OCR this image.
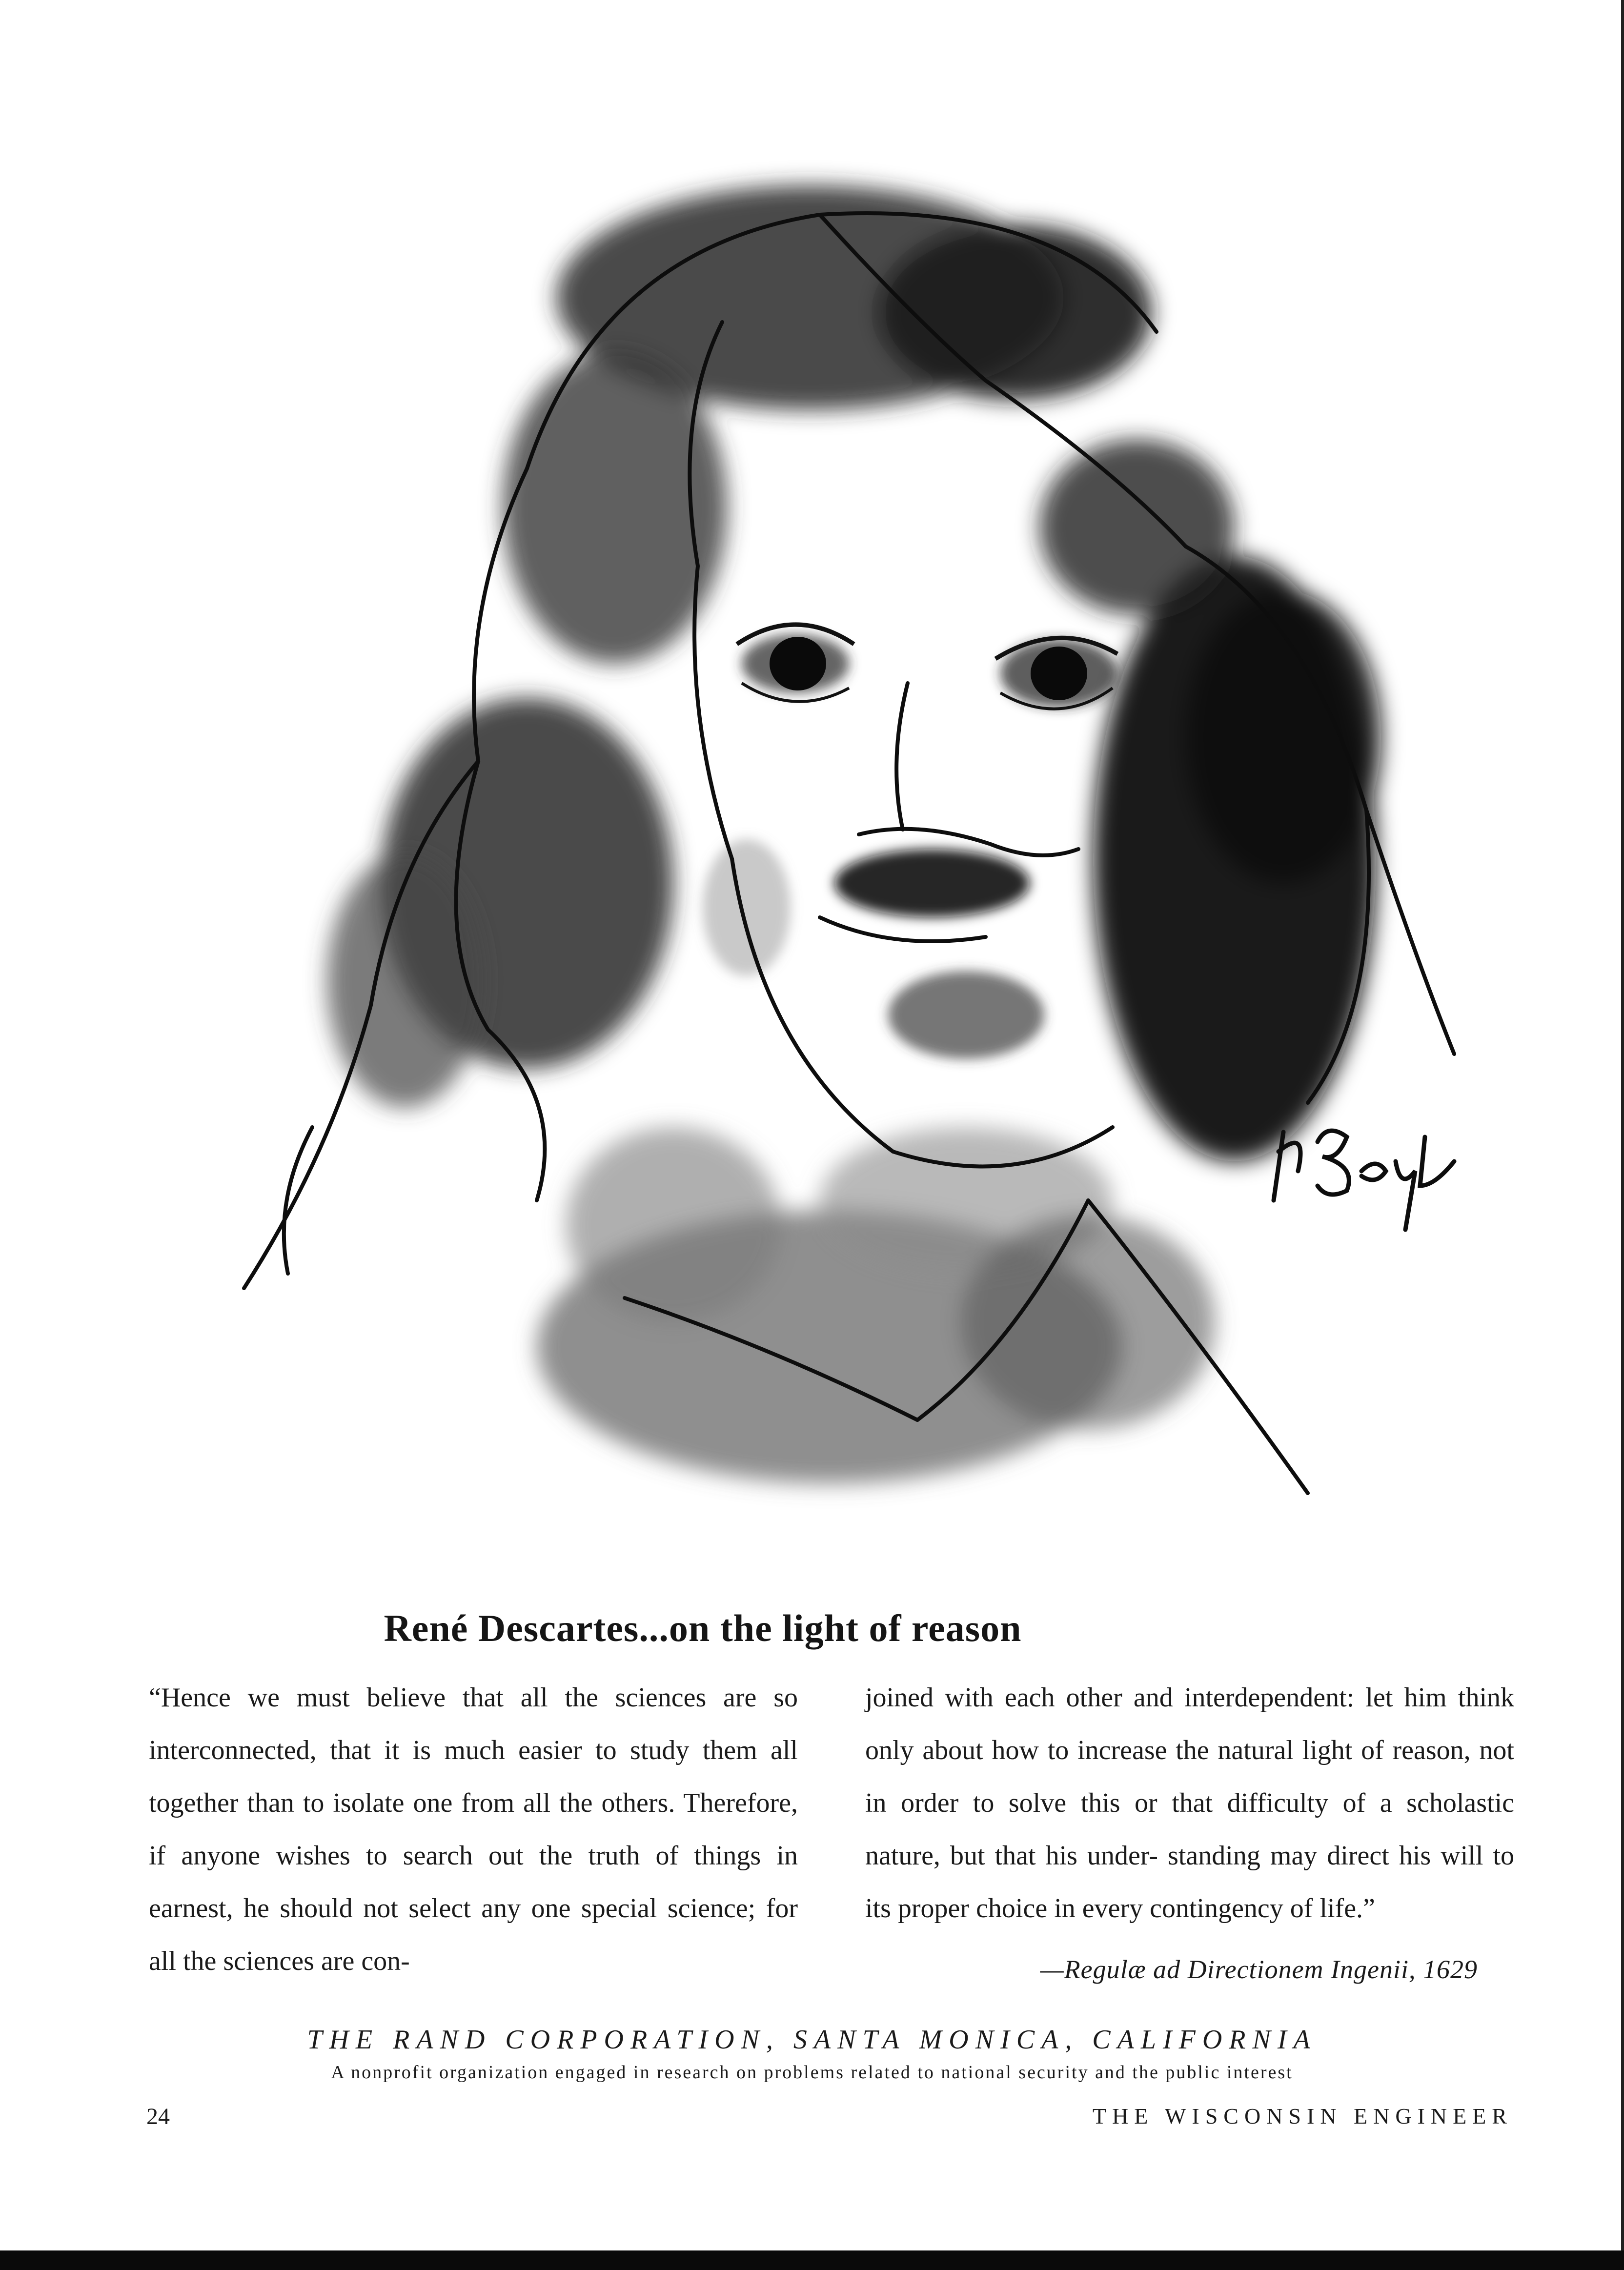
René Descartes...on the light of reason

“Hence we must believe that all the sciences are so interconnected, that it is much easier to study them all together than to isolate one from all the others. Therefore, if anyone wishes to search out the truth of things in earnest, he should not select any one special science; for all the sciences are con-

joined with each other and interdependent: let him think only about how to increase the natural light of reason, not in order to solve this or that difficulty of a scholastic nature, but that his under- standing may direct his will to its proper choice in every contingency of life.”

—Regulæ ad Directionem Ingenii, 1629
THE RAND CORPORATION, SANTA MONICA, CALIFORNIA
A nonprofit organization engaged in research on problems related to national security and the public interest
24	THE WISCONSIN ENGINEER
